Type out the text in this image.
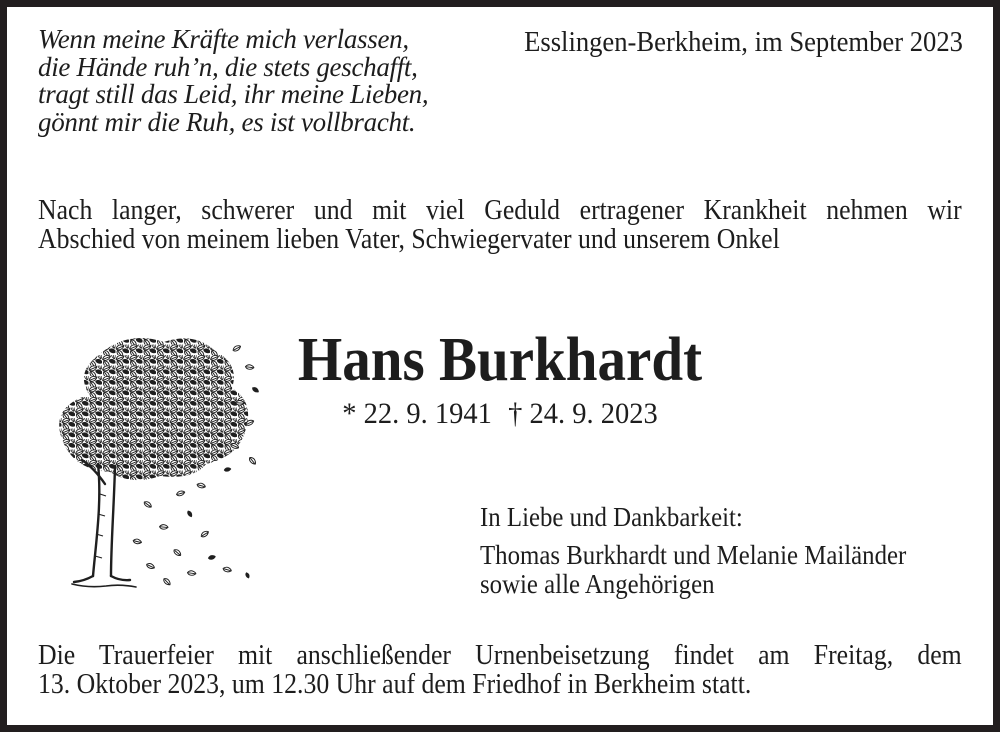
Wenn meine Kräfte mich verlassen,
die Hände ruh’n, die stets geschafft,
tragt still das Leid, ihr meine Lieben,
gönnt mir die Ruh, es ist vollbracht.
Esslingen-Berkheim, im September 2023
Nach langer, schwerer und mit viel Geduld ertragener Krankheit nehmen wir
Abschied von meinem lieben Vater, Schwiegervater und unserem Onkel
Hans Burkhardt
* 22. 9. 1941 † 24. 9. 2023
In Liebe und Dankbarkeit:
Thomas Burkhardt und Melanie Mailänder
sowie alle Angehörigen
Die Trauerfeier mit anschließender Urnenbeisetzung findet am Freitag, dem
13. Oktober 2023, um 12.30 Uhr auf dem Friedhof in Berkheim statt.
